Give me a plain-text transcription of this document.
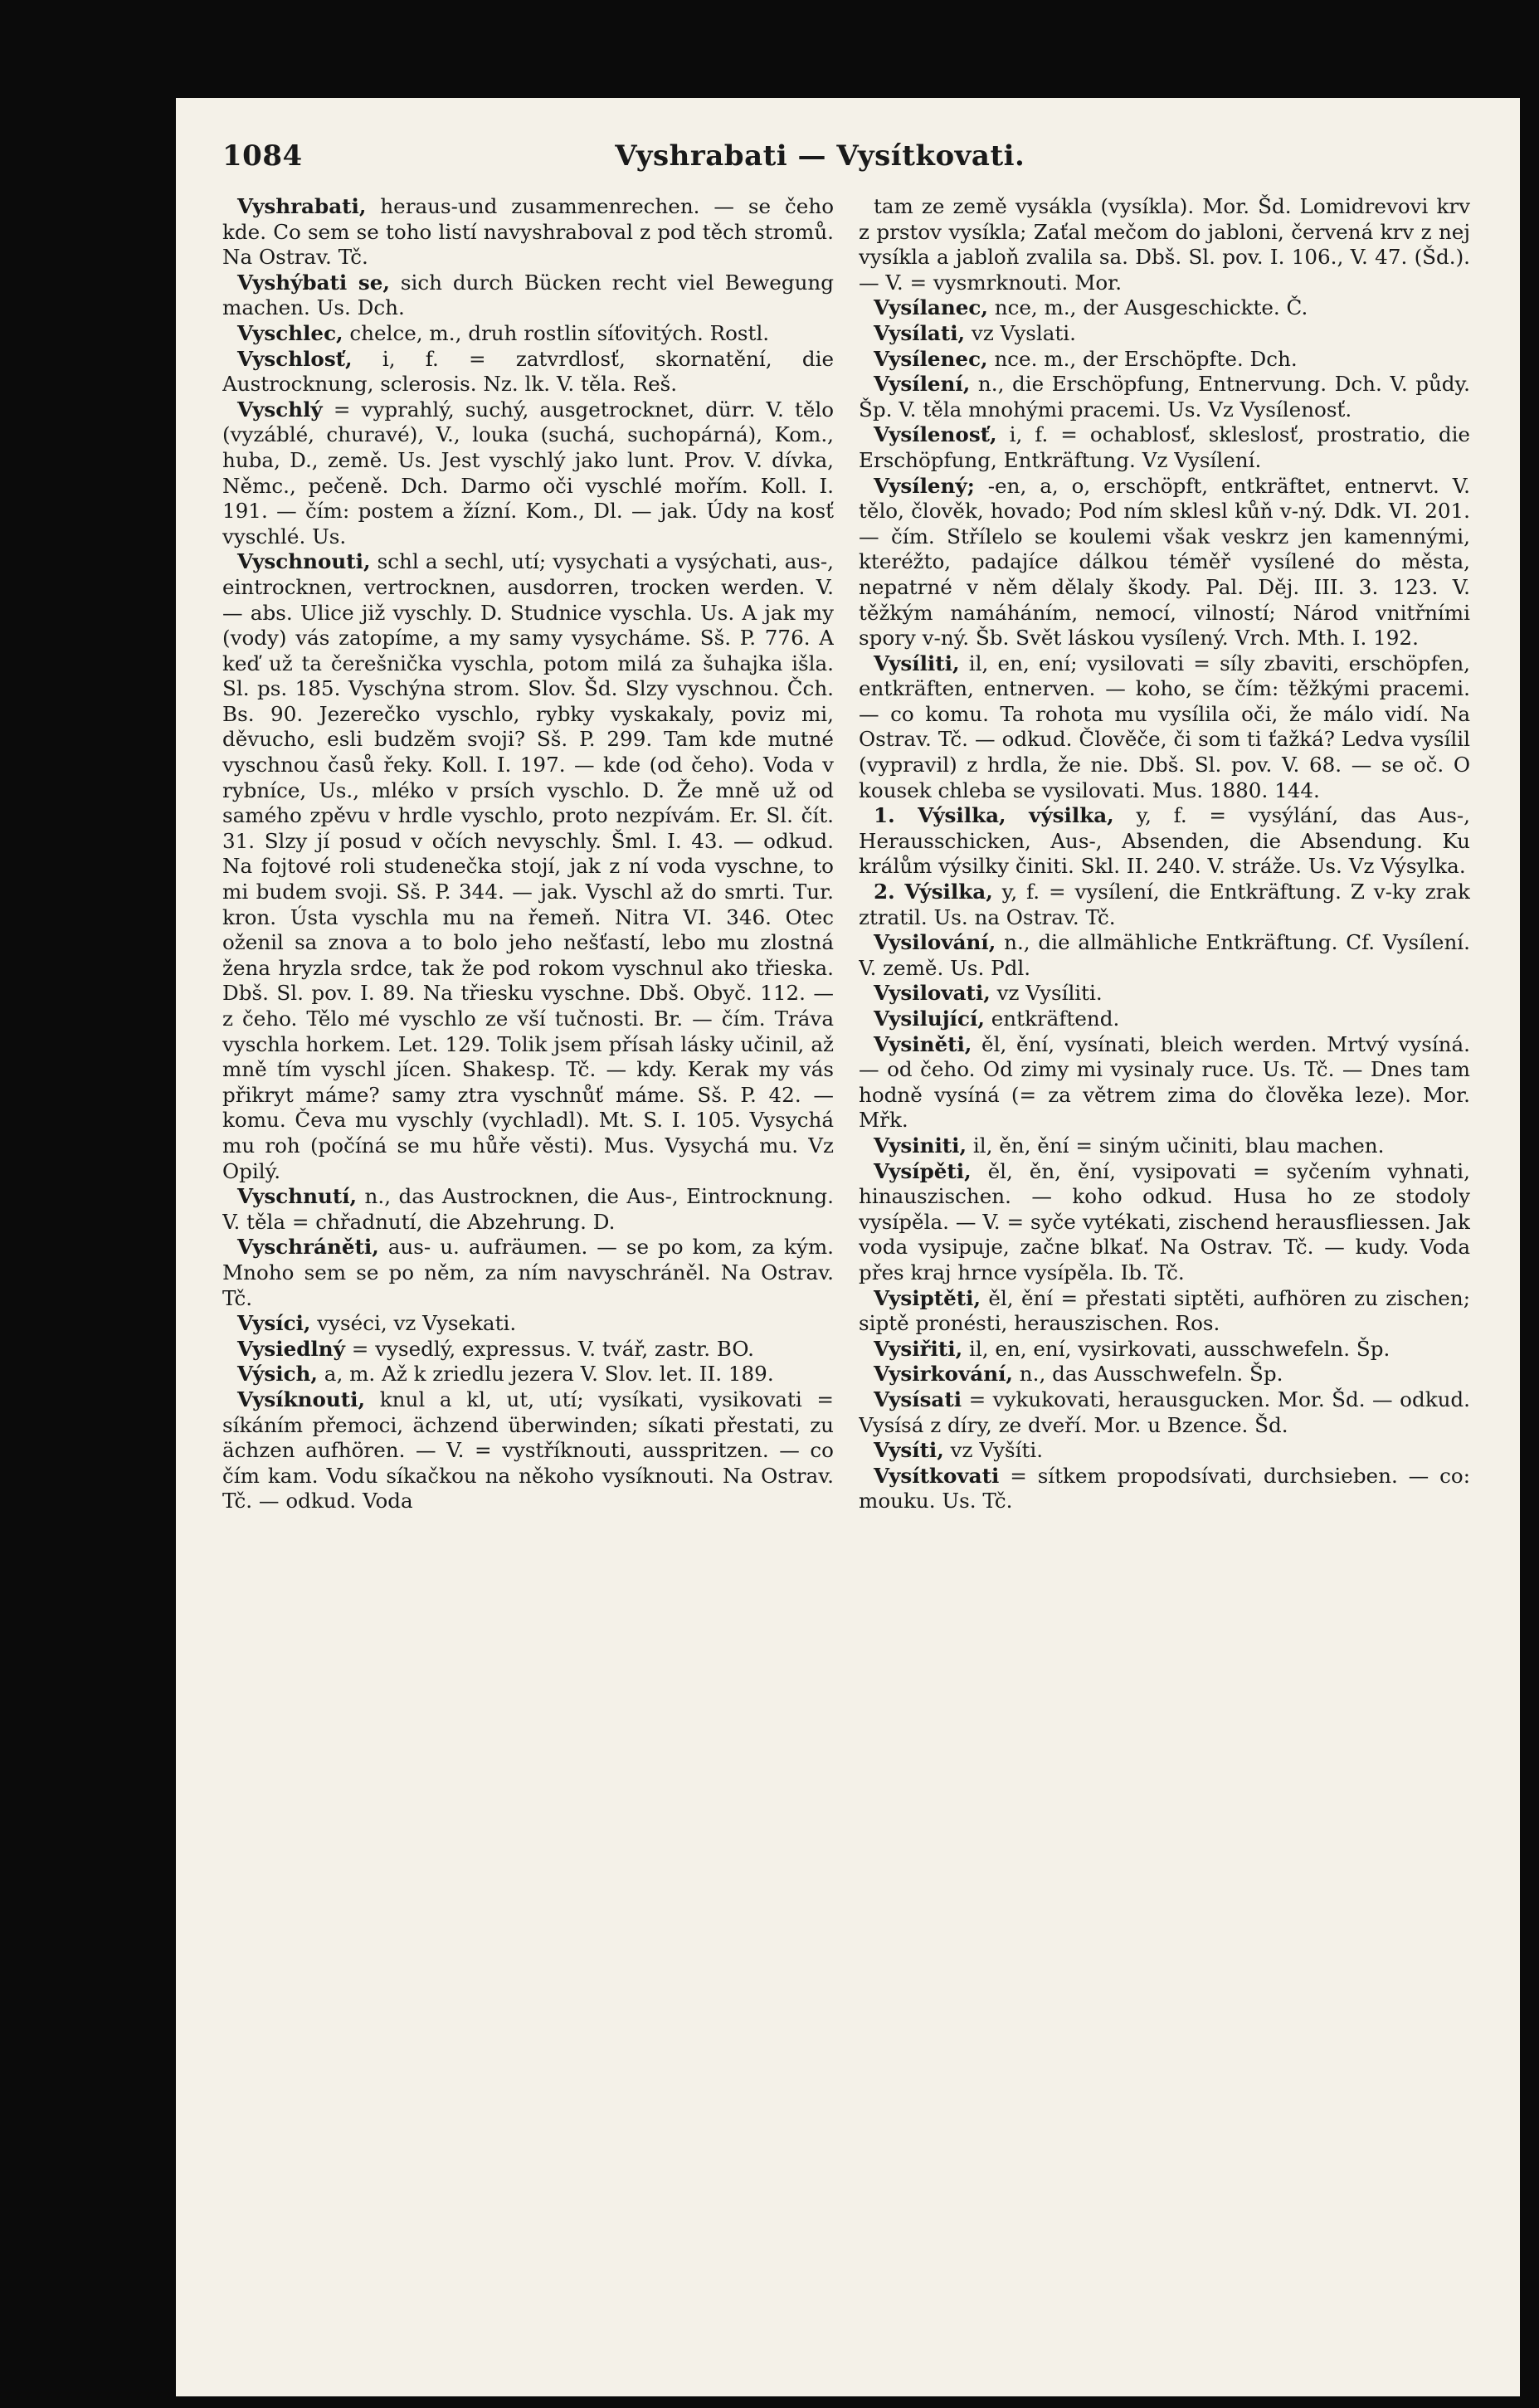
1084	Vyshrabati — Vysítkovati.

Vyshrabati, heraus-und zusammenrechen. — se čeho kde. Co sem se toho listí navyshraboval z pod těch stromů. Na Ostrav. Tč.

Vyshýbati se, sich durch Bücken recht viel Bewegung machen. Us. Dch.

Vyschlec, chelce, m., druh rostlin síťovitých. Rostl.

Vyschlosť, i, f. = zatvrdlosť, skornatění, die Austrocknung, sclerosis. Nz. lk. V. těla. Reš.

Vyschlý = vyprahlý, suchý, ausgetrocknet, dürr. V. tělo (vyzáblé, churavé), V., louka (suchá, suchopárná), Kom., huba, D., země. Us. Jest vyschlý jako lunt. Prov. V. dívka, Němc., pečeně. Dch. Darmo oči vyschlé mořím. Koll. I. 191. — čím: postem a žízní. Kom., Dl. — jak. Údy na kosť vyschlé. Us.

Vyschnouti, schl a sechl, utí; vysychati a vysýchati, aus-, eintrocknen, vertrocknen, ausdorren, trocken werden. V. — abs. Ulice již vyschly. D. Studnice vyschla. Us. A jak my (vody) vás zatopíme, a my samy vysycháme. Sš. P. 776. A keď už ta čerešnička vyschla, potom milá za šuhajkа išla. Sl. ps. 185. Vyschýna strom. Slov. Šd. Slzy vyschnou. Čch. Bs. 90. Jezerečko vyschlo, rybky vyskakaly, poviz mi, děvucho, esli budzěm svoji? Sš. P. 299. Tam kde mutné vyschnou časů řeky. Koll. I. 197. — kde (od čeho). Voda v rybníce, Us., mléko v prsích vyschlo. D. Že mně už od samého zpěvu v hrdle vyschlo, proto nezpívám. Er. Sl. čít. 31. Slzy jí posud v očích nevyschly. Šml. I. 43. — odkud. Na fojtové roli studenečka stojí, jak z ní voda vyschne, to mi budem svoji. Sš. P. 344. — jak. Vyschl až do smrti. Tur. kron. Ústa vyschla mu na řemeň. Nitra VI. 346. Otec oženil sa znova a to bolo jeho nešťastí, lebo mu zlostná žena hryzla srdce, tak že pod rokom vyschnul ako třieska. Dbš. Sl. pov. I. 89. Na třiesku vyschne. Dbš. Obyč. 112. — z čeho. Tělo mé vyschlo ze vší tučnosti. Br. — čím. Tráva vyschla horkem. Let. 129. Tolik jsem přísah lásky učinil, až mně tím vyschl jícen. Shakesp. Tč. — kdy. Kerak my vás přikryt máme? samy ztra vyschnůť máme. Sš. P. 42. — komu. Čeva mu vyschly (vychladl). Mt. S. I. 105. Vysychá mu roh (počíná se mu hůře věsti). Mus. Vysychá mu. Vz Opilý.

Vyschnutí, n., das Austrocknen, die Aus-, Eintrocknung. V. těla = chřadnutí, die Abzehrung. D.

Vyschráněti, aus- u. aufräumen. — se po kom, za kým. Mnoho sem se po něm, za ním navyschráněl. Na Ostrav. Tč.

Vysíci, vyséci, vz Vysekati.

Vysiedlný = vysedlý, expressus. V. tvář, zastr. BO.

Výsich, a, m. Až k zriedlu jezera V. Slov. let. II. 189.

Vysíknouti, knul a kl, ut, utí; vysíkati, vysikovati = síkáním přemoci, ächzend überwinden; síkati přestati, zu ächzen aufhören. — V. = vystříknouti, ausspritzen. — co čím kam. Vodu síkačkou na někoho vysíknouti. Na Ostrav. Tč. — odkud. Voda

tam ze země vysákla (vysíkla). Mor. Šd. Lomidrevovi krv z prstov vysíkla; Zaťal mečom do jabloni, červená krv z nej vysíkla a jabloň zvalila sa. Dbš. Sl. pov. I. 106., V. 47. (Šd.). — V. = vysmrknouti. Mor.

Vysílanec, nce, m., der Ausgeschickte. Č.

Vysílati, vz Vyslati.

Vysílenec, nce. m., der Erschöpfte. Dch.

Vysílení, n., die Erschöpfung, Entnervung. Dch. V. půdy. Šp. V. těla mnohými pracemi. Us. Vz Vysílenosť.

Vysílenosť, i, f. = ochablosť, skleslosť, prostratio, die Erschöpfung, Entkräftung. Vz Vysílení.

Vysílený; -en, a, o, erschöpft, entkräftet, entnervt. V. tělo, člověk, hovado; Pod ním sklesl kůň v-ný. Ddk. VI. 201. — čím. Střílelo se koulemi však veskrz jen kamennými, kteréžto, padajíce dálkou téměř vysílené do města, nepatrné v něm dělaly škody. Pal. Děj. III. 3. 123. V. těžkým namáháním, nemocí, vilností; Národ vnitřními spory v-ný. Šb. Svět láskou vysílený. Vrch. Mth. I. 192.

Vysíliti, il, en, ení; vysilovati = síly zbaviti, erschöpfen, entkräften, entnerven. — koho, se čím: těžkými pracemi. — co komu. Ta rohota mu vysílila oči, že málo vidí. Na Ostrav. Tč. — odkud. Člověče, či som ti ťažká? Ledva vysílil (vypravil) z hrdla, že nie. Dbš. Sl. pov. V. 68. — se oč. O kousek chleba se vysilovati. Mus. 1880. 144.

1. Výsilka, výsilka, y, f. = vysýlání, das Aus-, Herausschicken, Aus-, Absenden, die Absendung. Ku králům výsilky činiti. Skl. II. 240. V. stráže. Us. Vz Výsylka.

2. Výsilka, y, f. = vysílení, die Entkräftung. Z v-ky zrak ztratil. Us. na Ostrav. Tč.

Vysilování, n., die allmähliche Entkräftung. Cf. Vysílení. V. země. Us. Pdl.

Vysilovati, vz Vysíliti.

Vysilující, entkräftend.

Vysiněti, ěl, ění, vysínati, bleich werden. Mrtvý vysíná. — od čeho. Od zimy mi vysinaly ruce. Us. Tč. — Dnes tam hodně vysíná (= za větrem zima do člověka leze). Mor. Mřk.

Vysiniti, il, ěn, ění = siným učiniti, blau machen.

Vysípěti, ěl, ěn, ění, vysipovati = syčením vyhnati, hinauszischen. — koho odkud. Husa ho ze stodoly vysípěla. — V. = syče vytékati, zischend herausfliessen. Jak voda vysipuje, začne blkať. Na Ostrav. Tč. — kudy. Voda přes kraj hrnce vysípěla. Ib. Tč.

Vysiptěti, ěl, ění = přestati siptěti, aufhören zu zischen; siptě pronésti, herauszischen. Ros.

Vysiřiti, il, en, ení, vysirkovati, ausschwefeln. Šp.

Vysirkování, n., das Ausschwefeln. Šp.

Vysísati = vykukovati, herausgucken. Mor. Šd. — odkud. Vysísá z díry, ze dveří. Mor. u Bzence. Šd.

Vysíti, vz Vyšíti.

Vysítkovati = sítkem propodsívati, durchsieben. — co: mouku. Us. Tč.
